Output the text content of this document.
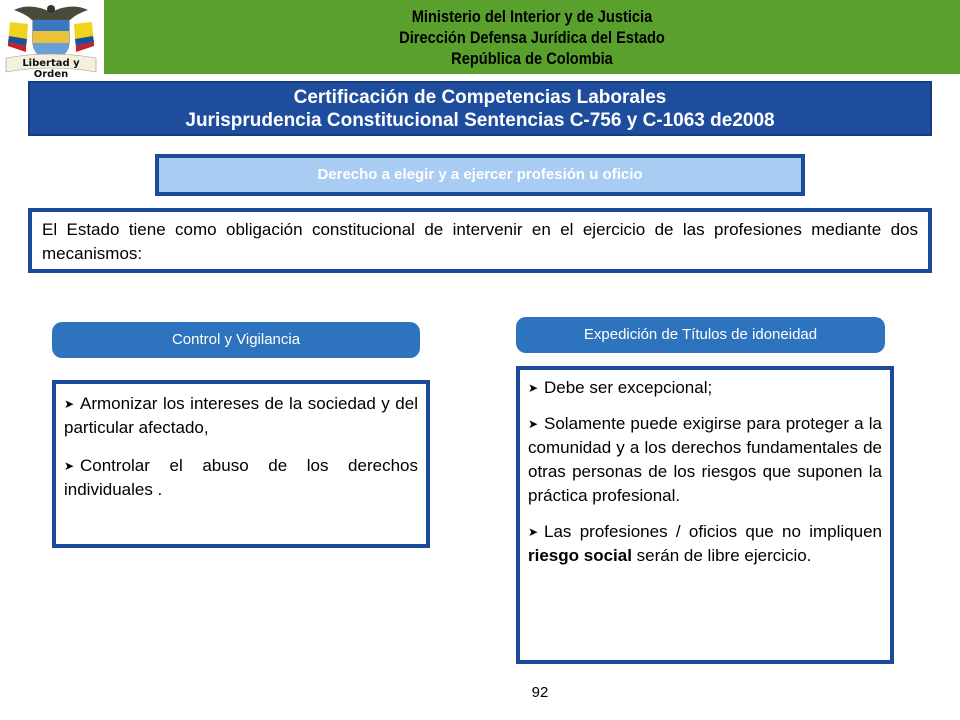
Libertad y Orden
Ministerio del Interior y de Justicia
Dirección Defensa Jurídica del Estado
República de Colombia
Certificación de Competencias Laborales
Jurisprudencia Constitucional Sentencias C-756 y C-1063 de2008
Derecho a elegir y a ejercer profesión u oficio
El Estado tiene como obligación constitucional de intervenir en el ejercicio de las profesiones mediante dos mecanismos:
Control y Vigilancia	Expedición de Títulos de idoneidad
➤ Armonizar los intereses de la sociedad y del particular afectado,
➤ Controlar el abuso de los derechos individuales .
➤ Debe ser excepcional;
➤ Solamente puede exigirse para proteger a la comunidad y a los derechos fundamentales de otras personas de los riesgos que suponen la práctica profesional.
➤ Las profesiones / oficios que no impliquen riesgo social serán de libre ejercicio.
92
